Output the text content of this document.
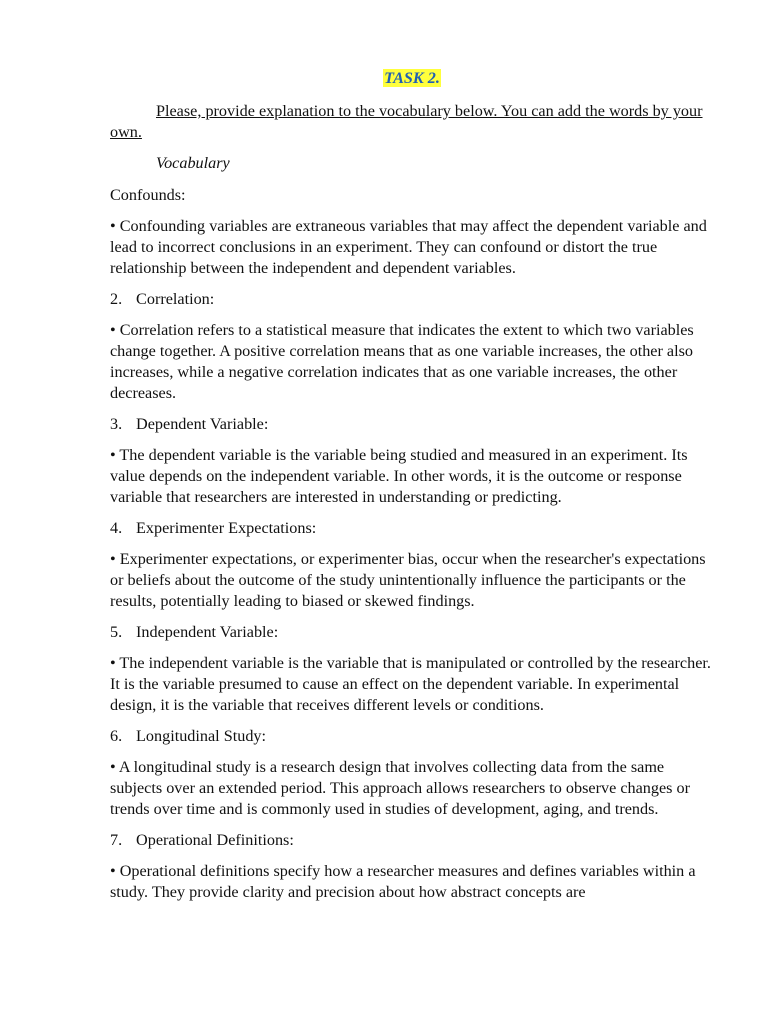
TASK 2.

Please, provide explanation to the vocabulary below. You can add the words by your own.

Vocabulary

Confounds:

• Confounding variables are extraneous variables that may affect the dependent variable and lead to incorrect conclusions in an experiment. They can confound or distort the true relationship between the independent and dependent variables.

2. Correlation:

• Correlation refers to a statistical measure that indicates the extent to which two variables change together. A positive correlation means that as one variable increases, the other also increases, while a negative correlation indicates that as one variable increases, the other decreases.

3. Dependent Variable:

• The dependent variable is the variable being studied and measured in an experiment. Its value depends on the independent variable. In other words, it is the outcome or response variable that researchers are interested in understanding or predicting.

4. Experimenter Expectations:

• Experimenter expectations, or experimenter bias, occur when the researcher's expectations or beliefs about the outcome of the study unintentionally influence the participants or the results, potentially leading to biased or skewed findings.

5. Independent Variable:

• The independent variable is the variable that is manipulated or controlled by the researcher. It is the variable presumed to cause an effect on the dependent variable. In experimental design, it is the variable that receives different levels or conditions.

6. Longitudinal Study:

• A longitudinal study is a research design that involves collecting data from the same subjects over an extended period. This approach allows researchers to observe changes or trends over time and is commonly used in studies of development, aging, and trends.

7. Operational Definitions:

• Operational definitions specify how a researcher measures and defines variables within a study. They provide clarity and precision about how abstract concepts are
